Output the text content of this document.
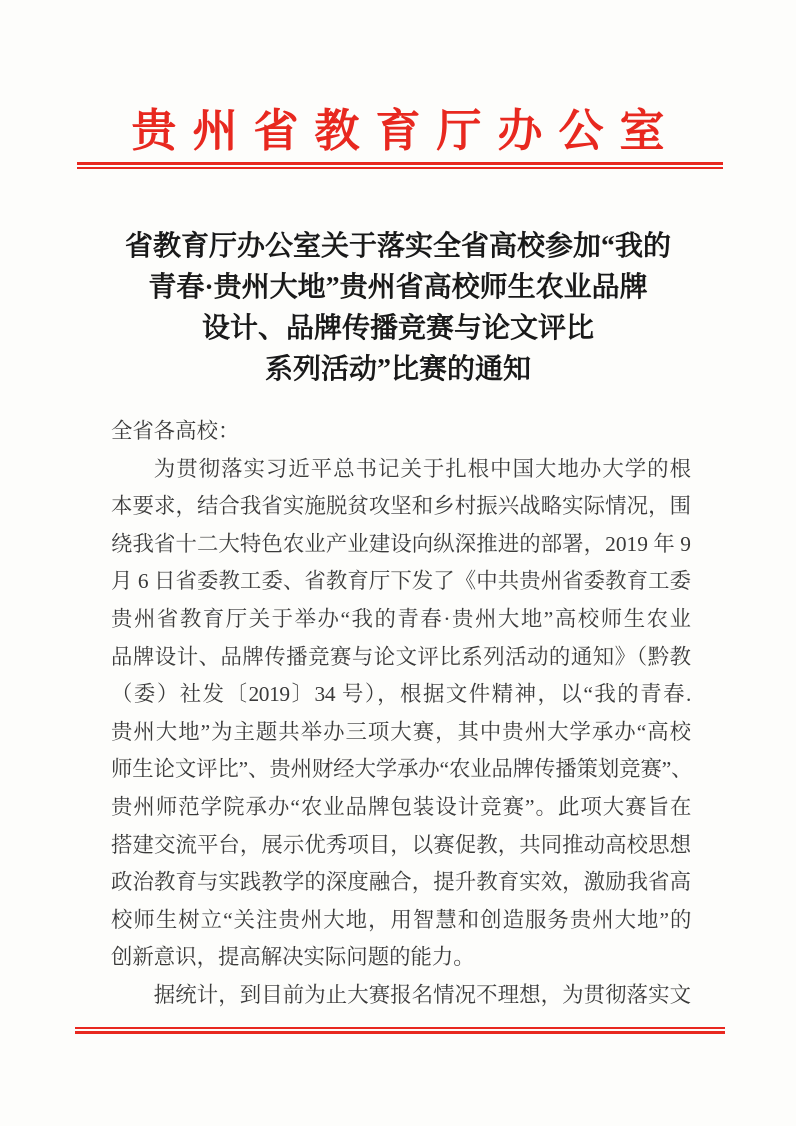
贵州省教育厅办公室
省教育厅办公室关于落实全省高校参加“我的
青春·贵州大地”贵州省高校师生农业品牌
设计、品牌传播竞赛与论文评比
系列活动”比赛的通知
全省各高校：
为贯彻落实习近平总书记关于扎根中国大地办大学的根
本要求，结合我省实施脱贫攻坚和乡村振兴战略实际情况，围
绕我省十二大特色农业产业建设向纵深推进的部署，2019 年 9
月 6 日省委教工委、省教育厅下发了《中共贵州省委教育工委
贵州省教育厅关于举办“我的青春·贵州大地”高校师生农业
品牌设计、品牌传播竞赛与论文评比系列活动的通知》（黔教
（委）社发〔2019〕34 号），根据文件精神，以“我的青春.
贵州大地”为主题共举办三项大赛，其中贵州大学承办“高校
师生论文评比”、贵州财经大学承办“农业品牌传播策划竞赛”、
贵州师范学院承办“农业品牌包装设计竞赛”。此项大赛旨在
搭建交流平台，展示优秀项目，以赛促教，共同推动高校思想
政治教育与实践教学的深度融合，提升教育实效，激励我省高
校师生树立“关注贵州大地，用智慧和创造服务贵州大地”的
创新意识，提高解决实际问题的能力。
据统计，到目前为止大赛报名情况不理想，为贯彻落实文
